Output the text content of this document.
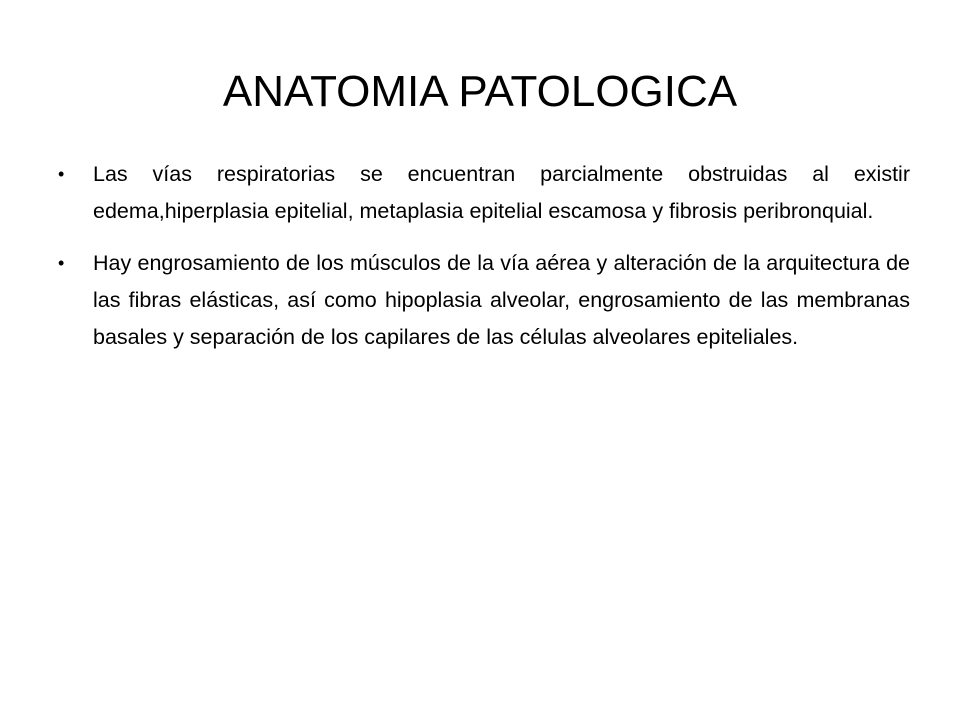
ANATOMIA PATOLOGICA
•	Las vías respiratorias se encuentran parcialmente obstruidas al existir edema,hiperplasia epitelial, metaplasia epitelial escamosa y fibrosis peribronquial.
•	Hay engrosamiento de los músculos de la vía aérea y alteración de la arquitectura de las fibras elásticas, así como hipoplasia alveolar, engrosamiento de las membranas basales y separación de los capilares de las células alveolares epiteliales.
